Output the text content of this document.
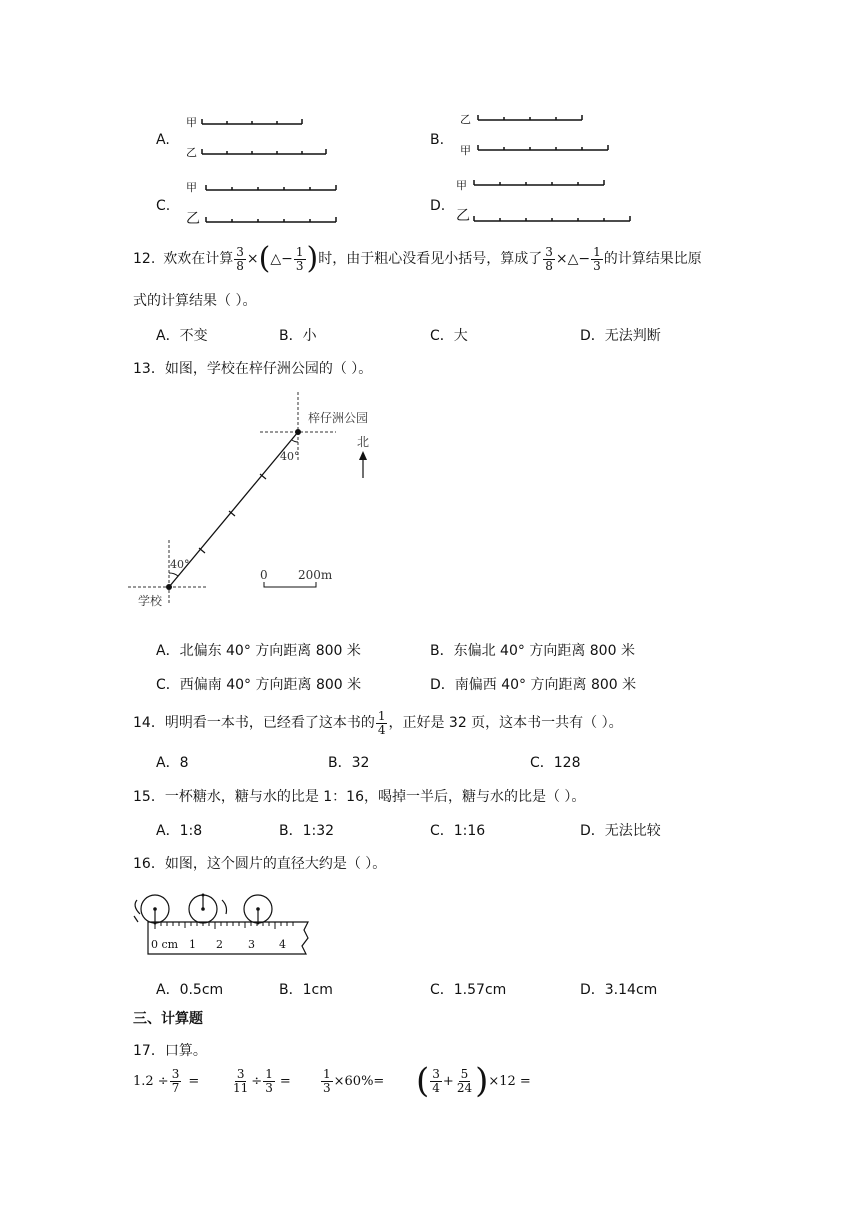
A.
甲
乙
B.
乙
甲
C.
甲
乙
D.
甲
乙
12. 欢欢在计算 $\frac{3}{8}$ × ( △ − $\frac{1}{3}$ ) 时，由于粗心没看见小括号，算成了 $\frac{3}{8}$ × △ − $\frac{1}{3}$ 的计算结果比原
式的计算结果（ ）。
A．不变	B．小	C．大	D．无法判断
13．如图，学校在梓仔洲公园的（ ）。
梓仔洲公园
40°
40°
学校
北
0	200m
A．北偏东 40° 方向距离 800 米	B．东偏北 40° 方向距离 800 米
C．西偏南 40° 方向距离 800 米	D．南偏西 40° 方向距离 800 米
14．明明看一本书，已经看了这本书的 $\frac{1}{4}$ ，正好是 32 页，这本书一共有（ ）。
A．8	B．32	C．128
15．一杯糖水，糖与水的比是 1：16，喝掉一半后，糖与水的比是（ ）。
A．1:8	B．1:32	C．1:16	D．无法比较
16．如图，这个圆片的直径大约是（ ）。
0 cm 1 2 3 4
A．0.5cm	B．1cm	C．1.57cm	D．3.14cm
三、计算题
17．口算。
$1.2 \div \frac{3}{7}$ =	$\frac{3}{11} \div \frac{1}{3}$ =	$\frac{1}{3} \times 60\%=$ ( $\frac{3}{4} + \frac{5}{24}$ ) ×12 =
